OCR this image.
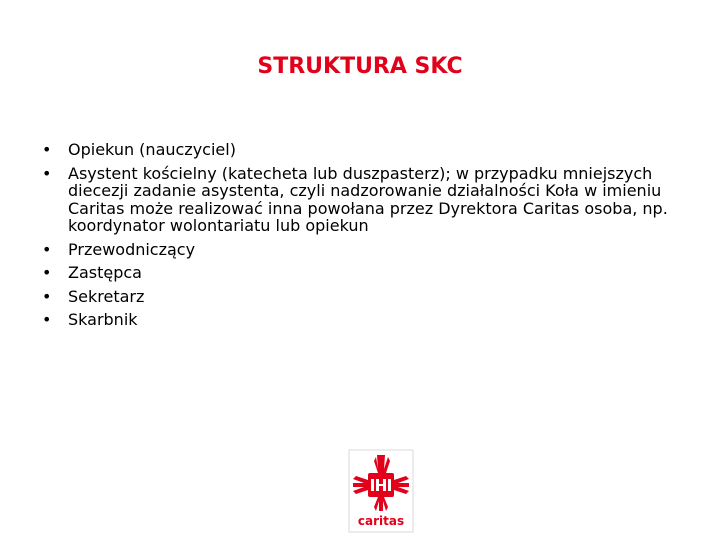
STRUKTURA SKC
• Opiekun (nauczyciel)
• Asystent kościelny (katecheta lub duszpasterz); w przypadku mniejszych diecezji zadanie asystenta, czyli nadzorowanie działalności Koła w imieniu Caritas może realizować inna powołana przez Dyrektora Caritas osoba, np. koordynator wolontariatu lub opiekun
• Przewodniczący
• Zastępca
• Sekretarz
• Skarbnik
caritas
